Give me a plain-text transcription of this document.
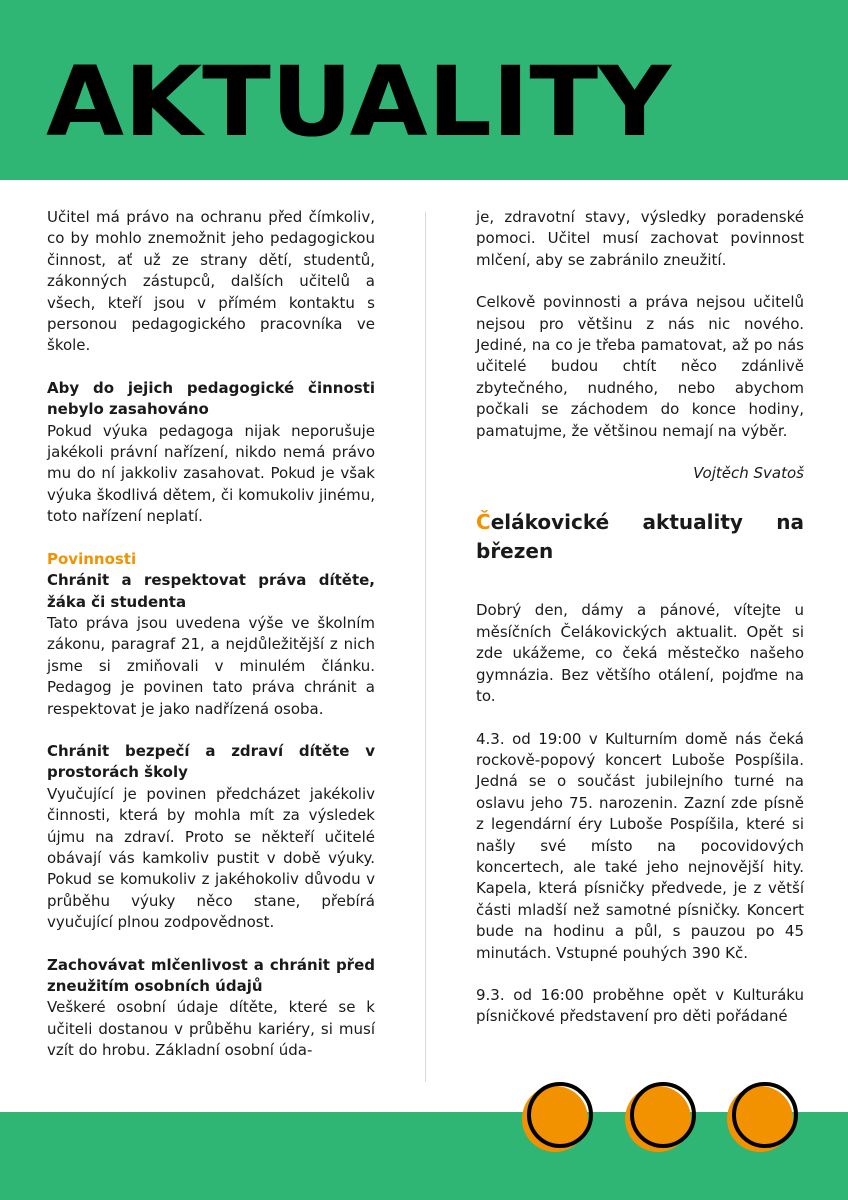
AKTUALITY

Učitel má právo na ochranu před čímkoliv, co by mohlo znemožnit jeho pedagogickou činnost, ať už ze strany dětí, studentů, zákonných zástupců, dalších učitelů a všech, kteří jsou v přímém kontaktu s personou pedagogického pracovníka ve škole.

Aby do jejich pedagogické činnosti nebylo zasahováno

Pokud výuka pedagoga nijak neporušuje jakékoli právní nařízení, nikdo nemá právo mu do ní jakkoliv zasahovat. Pokud je však výuka škodlivá dětem, či komukoliv jinému, toto nařízení neplatí.

Povinnosti

Chránit a respektovat práva dítěte, žáka či studenta

Tato práva jsou uvedena výše ve školním zákonu, paragraf 21, a nejdůležitější z nich jsme si zmiňovali v minulém článku. Pedagog je povinen tato práva chránit a respektovat je jako nadřízená osoba.

Chránit bezpečí a zdraví dítěte v prostorách školy

Vyučující je povinen předcházet jakékoliv činnosti, která by mohla mít za výsledek újmu na zdraví. Proto se někteří učitelé obávají vás kamkoliv pustit v době výuky. Pokud se komukoliv z jakéhokoliv důvodu v průběhu výuky něco stane, přebírá vyučující plnou zodpovědnost.

Zachovávat mlčenlivost a chránit před zneužitím osobních údajů

Veškeré osobní údaje dítěte, které se k učiteli dostanou v průběhu kariéry, si musí vzít do hrobu. Základní osobní úda-

je, zdravotní stavy, výsledky poradenské pomoci. Učitel musí zachovat povinnost mlčení, aby se zabránilo zneužití.

Celkově povinnosti a práva nejsou učitelů nejsou pro většinu z nás nic nového. Jediné, na co je třeba pamatovat, až po nás učitelé budou chtít něco zdánlivě zbytečného, nudného, nebo abychom počkali se záchodem do konce hodiny, pamatujme, že většinou nemají na výběr.

Vojtěch Svatoš

Čelákovické aktuality na březen

Dobrý den, dámy a pánové, vítejte u měsíčních Čelákovických aktualit. Opět si zde ukážeme, co čeká městečko našeho gymnázia. Bez většího otálení, pojďme na to.

4.3. od 19:00 v Kulturním domě nás čeká rockově-popový koncert Luboše Pospíšila. Jedná se o součást jubilejního turné na oslavu jeho 75. narozenin. Zazní zde písně z legendární éry Luboše Pospíšila, které si našly své místo na pocovidových koncertech, ale také jeho nejnovější hity. Kapela, která písničky předvede, je z větší části mladší než samotné písničky. Koncert bude na hodinu a půl, s pauzou po 45 minutách. Vstupné pouhých 390 Kč.

9.3. od 16:00 proběhne opět v Kulturáku písničkové představení pro děti pořádané
